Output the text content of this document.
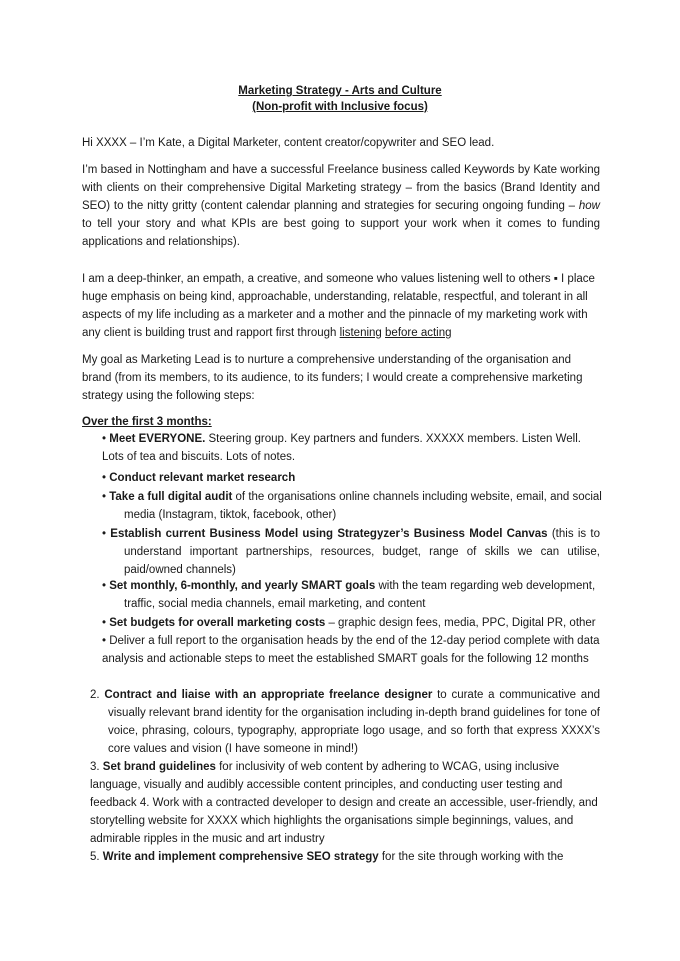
Marketing Strategy - Arts and Culture
(Non-profit with Inclusive focus)
Hi XXXX – I’m Kate, a Digital Marketer, content creator/copywriter and SEO lead.
I’m based in Nottingham and have a successful Freelance business called Keywords by Kate working with clients on their comprehensive Digital Marketing strategy – from the basics (Brand Identity and SEO) to the nitty gritty (content calendar planning and strategies for securing ongoing funding – how to tell your story and what KPIs are best going to support your work when it comes to funding applications and relationships).
I am a deep-thinker, an empath, a creative, and someone who values listening well to others ▪ I place huge emphasis on being kind, approachable, understanding, relatable, respectful, and tolerant in all aspects of my life including as a marketer and a mother and the pinnacle of my marketing work with any client is building trust and rapport first through listening before acting
My goal as Marketing Lead is to nurture a comprehensive understanding of the organisation and brand (from its members, to its audience, to its funders; I would create a comprehensive marketing strategy using the following steps:
Over the first 3 months:
• Meet EVERYONE. Steering group. Key partners and funders. XXXXX members. Listen Well. Lots of tea and biscuits. Lots of notes.
• Conduct relevant market research
• Take a full digital audit of the organisations online channels including website, email, and social media (Instagram, tiktok, facebook, other)
• Establish current Business Model using Strategyzer’s Business Model Canvas (this is to understand important partnerships, resources, budget, range of skills we can utilise, paid/owned channels)
• Set monthly, 6-monthly, and yearly SMART goals with the team regarding web development, traffic, social media channels, email marketing, and content
• Set budgets for overall marketing costs – graphic design fees, media, PPC, Digital PR, other • Deliver a full report to the organisation heads by the end of the 12-day period complete with data analysis and actionable steps to meet the established SMART goals for the following 12 months
2. Contract and liaise with an appropriate freelance designer to curate a communicative and visually relevant brand identity for the organisation including in-depth brand guidelines for tone of voice, phrasing, colours, typography, appropriate logo usage, and so forth that express XXXX’s core values and vision (I have someone in mind!)
3. Set brand guidelines for inclusivity of web content by adhering to WCAG, using inclusive language, visually and audibly accessible content principles, and conducting user testing and feedback 4. Work with a contracted developer to design and create an accessible, user-friendly, and storytelling website for XXXX which highlights the organisations simple beginnings, values, and admirable ripples in the music and art industry
5. Write and implement comprehensive SEO strategy for the site through working with the
